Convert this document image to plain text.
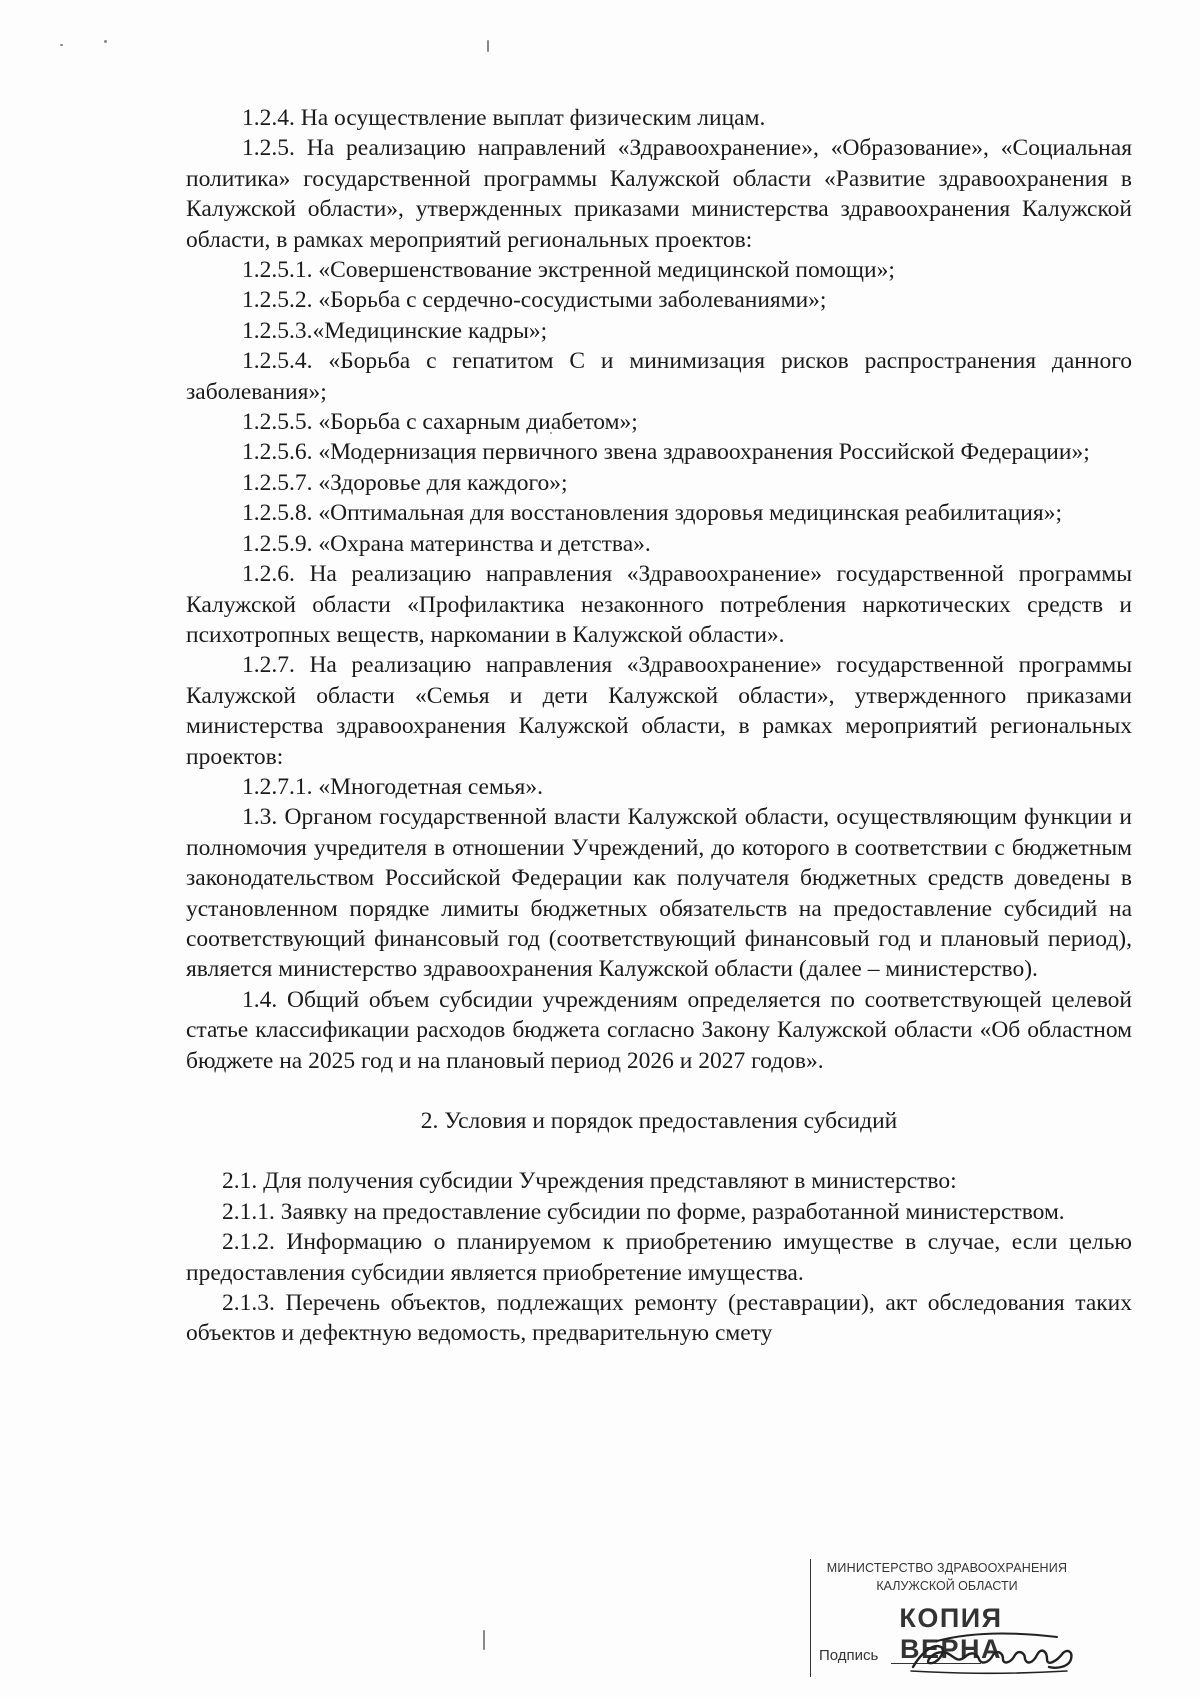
1.2.4. На осуществление выплат физическим лицам.

1.2.5. На реализацию направлений «Здравоохранение», «Образование», «Социальная политика» государственной программы Калужской области «Развитие здравоохранения в Калужской области», утвержденных приказами министерства здравоохранения Калужской области, в рамках мероприятий региональных проектов:

1.2.5.1. «Совершенствование экстренной медицинской помощи»;

1.2.5.2. «Борьба с сердечно-сосудистыми заболеваниями»;

1.2.5.3.«Медицинские кадры»;

1.2.5.4. «Борьба с гепатитом С и минимизация рисков распространения данного заболевания»;

1.2.5.5. «Борьба с сахарным диабетом»;

1.2.5.6. «Модернизация первичного звена здравоохранения Российской Федерации»;

1.2.5.7. «Здоровье для каждого»;

1.2.5.8. «Оптимальная для восстановления здоровья медицинская реабилитация»;

1.2.5.9. «Охрана материнства и детства».

1.2.6. На реализацию направления «Здравоохранение» государственной программы Калужской области «Профилактика незаконного потребления наркотических средств и психотропных веществ, наркомании в Калужской области».

1.2.7. На реализацию направления «Здравоохранение» государственной программы Калужской области «Семья и дети Калужской области», утвержденного приказами министерства здравоохранения Калужской области, в рамках мероприятий региональных проектов:

1.2.7.1. «Многодетная семья».

1.3. Органом государственной власти Калужской области, осуществляющим функции и полномочия учредителя в отношении Учреждений, до которого в соответствии с бюджетным законодательством Российской Федерации как получателя бюджетных средств доведены в установленном порядке лимиты бюджетных обязательств на предоставление субсидий на соответствующий финансовый год (соответствующий финансовый год и плановый период), является министерство здравоохранения Калужской области (далее – министерство).

1.4. Общий объем субсидии учреждениям определяется по соответствующей целевой статье классификации расходов бюджета согласно Закону Калужской области «Об областном бюджете на 2025 год и на плановый период 2026 и 2027 годов».

2. Условия и порядок предоставления субсидий

2.1. Для получения субсидии Учреждения представляют в министерство:

2.1.1. Заявку на предоставление субсидии по форме, разработанной министерством.

2.1.2. Информацию о планируемом к приобретению имуществе в случае, если целью предоставления субсидии является приобретение имущества.

2.1.3. Перечень объектов, подлежащих ремонту (реставрации), акт обследования таких объектов и дефектную ведомость, предварительную смету

МИНИСТЕРСТВО ЗДРАВООХРАНЕНИЯ
КАЛУЖСКОЙ ОБЛАСТИ
КОПИЯ ВЕРНА
Подпись
